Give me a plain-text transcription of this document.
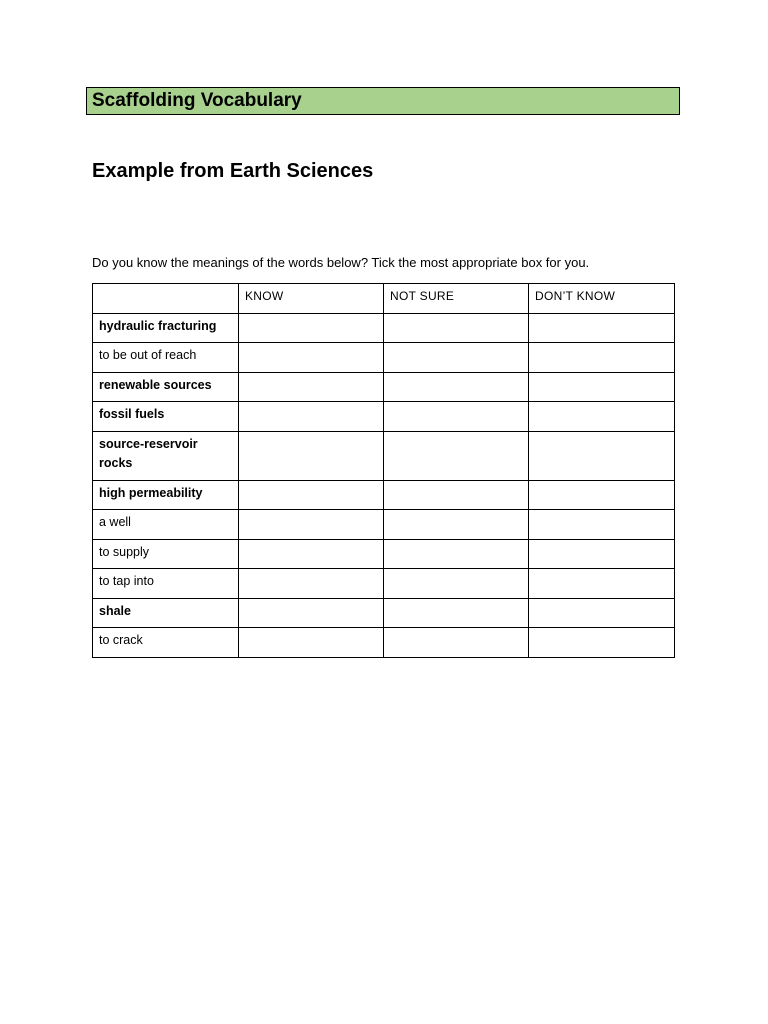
Scaffolding Vocabulary
Example from Earth Sciences
Do you know the meanings of the words below? Tick the most appropriate box for you.
	KNOW	NOT SURE	DON’T KNOW
hydraulic fracturing			
to be out of reach			
renewable sources			
fossil fuels			
source-reservoir rocks			
high permeability			
a well			
to supply			
to tap into			
shale			
to crack			
